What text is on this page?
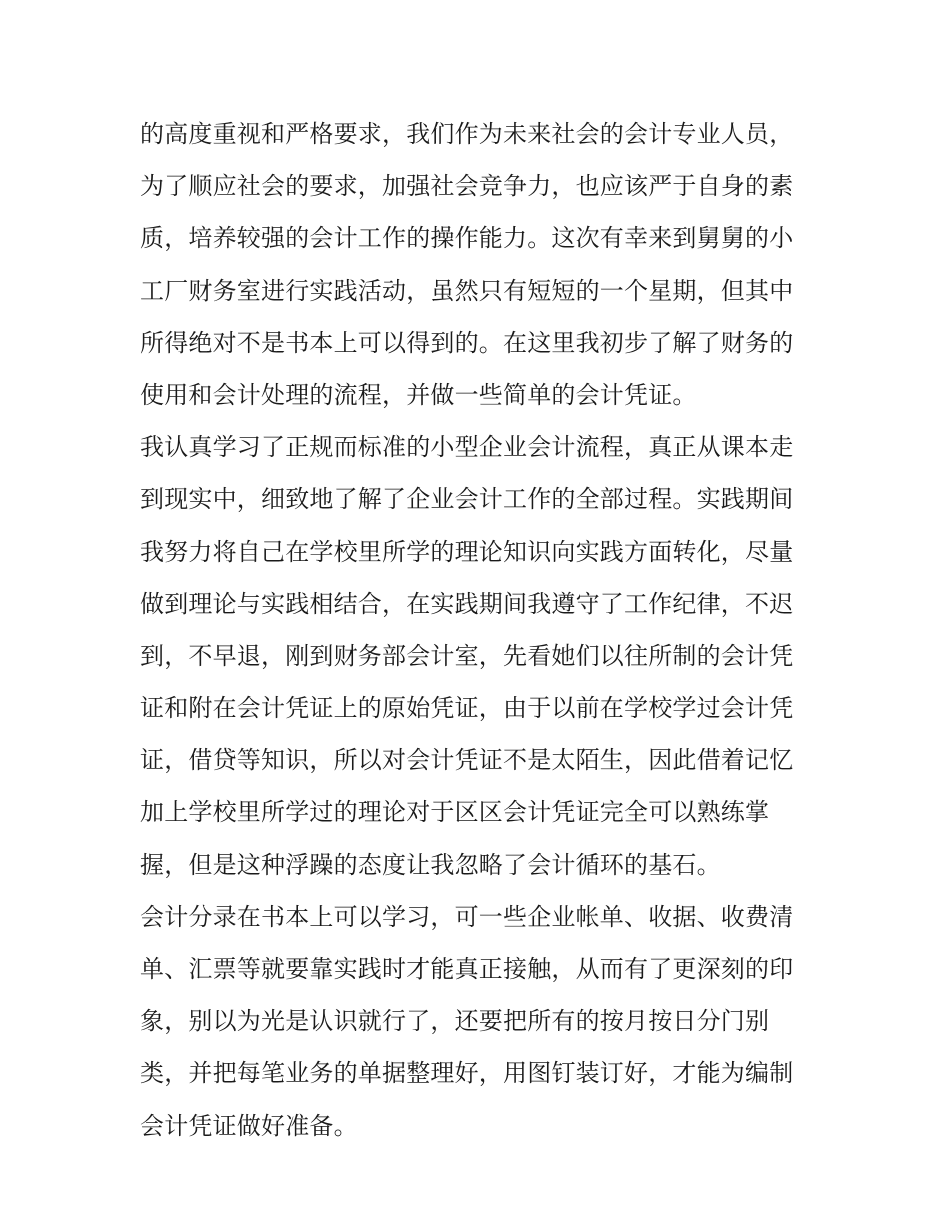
的高度重视和严格要求，我们作为未来社会的会计专业人员，
为了顺应社会的要求，加强社会竞争力，也应该严于自身的素
质，培养较强的会计工作的操作能力。这次有幸来到舅舅的小
工厂财务室进行实践活动，虽然只有短短的一个星期，但其中
所得绝对不是书本上可以得到的。在这里我初步了解了财务的
使用和会计处理的流程，并做一些简单的会计凭证。
我认真学习了正规而标准的小型企业会计流程，真正从课本走
到现实中，细致地了解了企业会计工作的全部过程。实践期间
我努力将自己在学校里所学的理论知识向实践方面转化，尽量
做到理论与实践相结合，在实践期间我遵守了工作纪律，不迟
到，不早退，刚到财务部会计室，先看她们以往所制的会计凭
证和附在会计凭证上的原始凭证，由于以前在学校学过会计凭
证，借贷等知识，所以对会计凭证不是太陌生，因此借着记忆
加上学校里所学过的理论对于区区会计凭证完全可以熟练掌
握，但是这种浮躁的态度让我忽略了会计循环的基石。
会计分录在书本上可以学习，可一些企业帐单、收据、收费清
单、汇票等就要靠实践时才能真正接触，从而有了更深刻的印
象，别以为光是认识就行了，还要把所有的按月按日分门别
类，并把每笔业务的单据整理好，用图钉装订好，才能为编制
会计凭证做好准备。
